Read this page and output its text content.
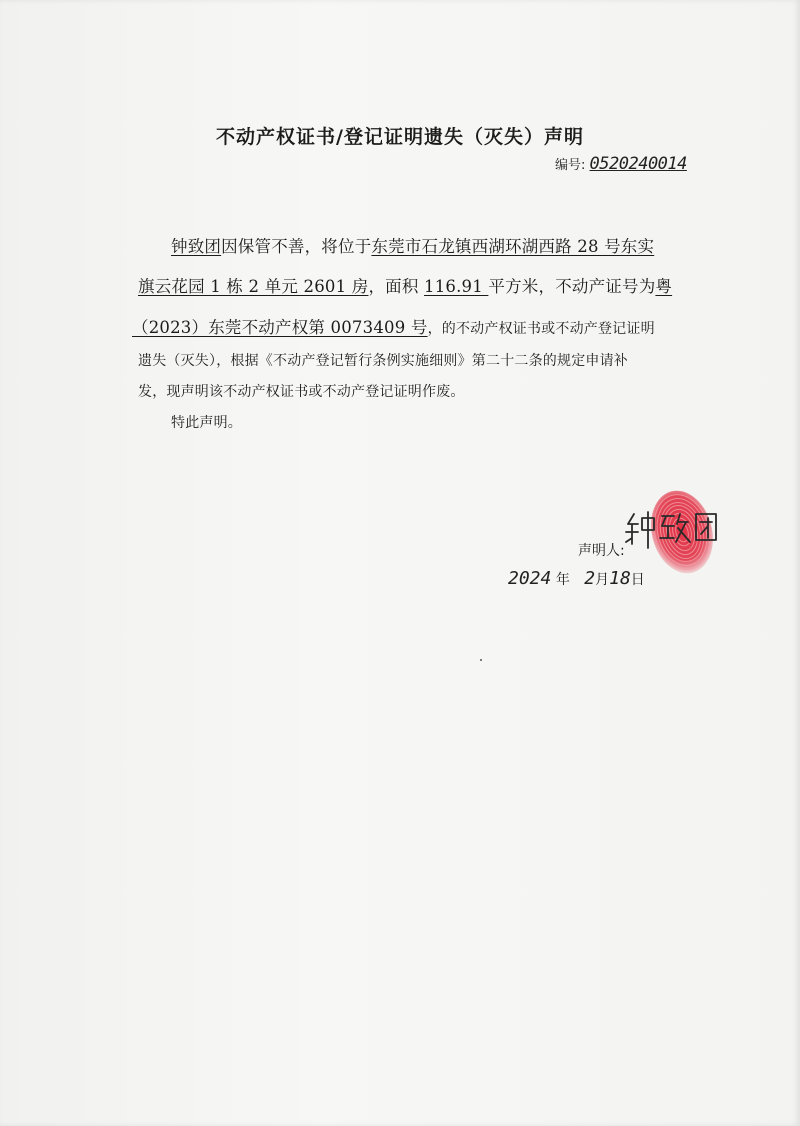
不动产权证书/登记证明遗失（灭失）声明
编号: 0520240014
钟致团因保管不善，将位于东莞市石龙镇西湖环湖西路 28 号东实
旗云花园 1 栋 2 单元 2601 房，面积 116.91 平方米，不动产证号为粤
（2023）东莞不动产权第 0073409 号，的不动产权证书或不动产登记证明
遗失（灭失），根据《不动产登记暂行条例实施细则》第二十二条的规定申请补
发，现声明该不动产权证书或不动产登记证明作废。
特此声明。
声明人:
2024 年 2月18日
